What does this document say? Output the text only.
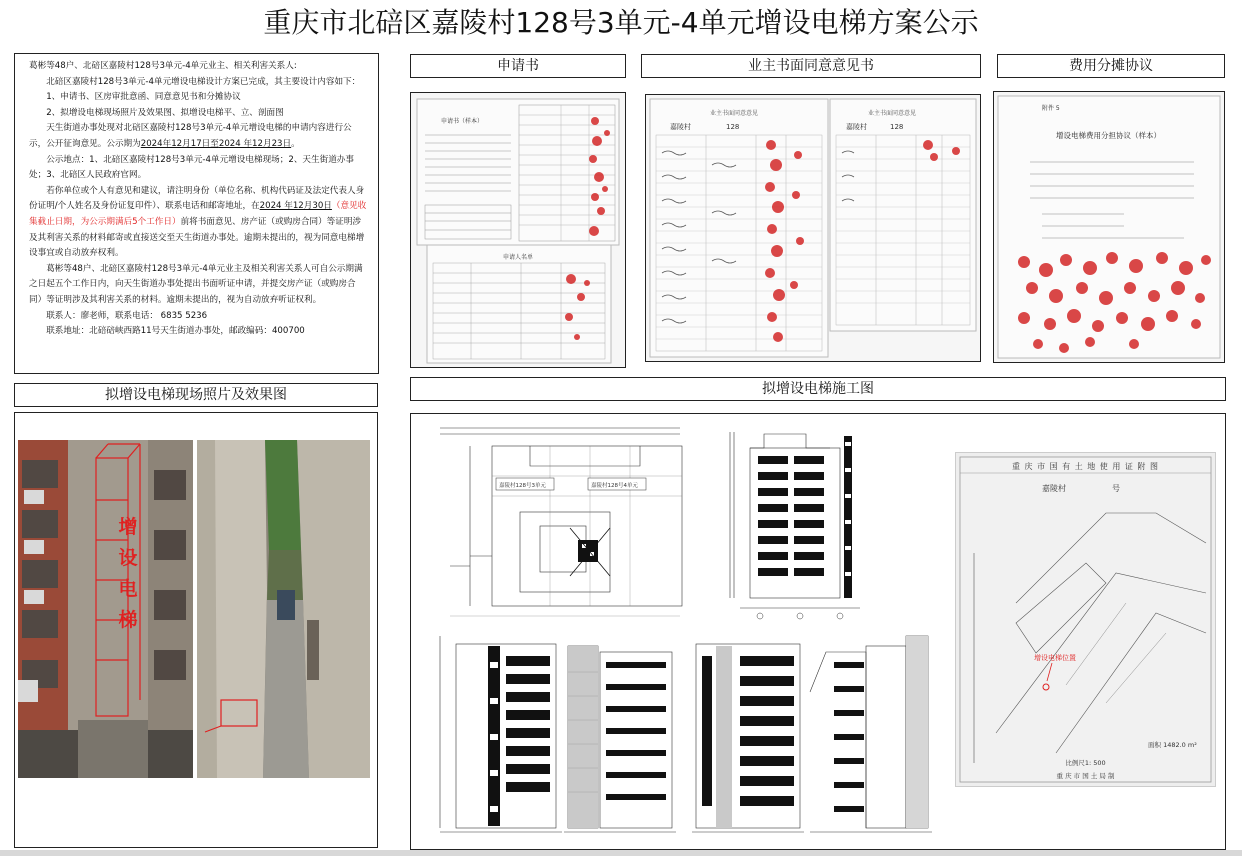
重庆市北碚区嘉陵村128号3单元-4单元增设电梯方案公示

葛彬等48户、北碚区嘉陵村128号3单元-4单元业主、相关利害关系人:

北碚区嘉陵村128号3单元-4单元增设电梯设计方案已完成，其主要设计内容如下：

1、申请书、区房审批意函、同意意见书和分摊协议

2、拟增设电梯现场照片及效果图、拟增设电梯平、立、剖面图

天生街道办事处现对北碚区嘉陵村128号3单元-4单元增设电梯的申请内容进行公示，公开征询意见。公示期为2024年12月17日至2024 年12月23日。

公示地点：1、北碚区嘉陵村128号3单元-4单元增设电梯现场；2、天生街道办事处；3、北碚区人民政府官网。

若你单位或个人有意见和建议，请注明身份（单位名称、机构代码证及法定代表人身份证明/个人姓名及身份证复印件）、联系电话和邮寄地址，在2024 年12月30日（意见收集截止日期，为公示期满后5个工作日）前将书面意见、房产证（或购房合同）等证明涉及其利害关系的材料邮寄或直接送交至天生街道办事处。逾期未提出的，视为同意电梯增设事宜或自动放弃权利。

葛彬等48户、北碚区嘉陵村128号3单元-4单元业主及相关利害关系人可自公示期满之日起五个工作日内，向天生街道办事处提出书面听证申请，并提交房产证（或购房合同）等证明涉及其利害关系的材料。逾期未提出的，视为自动放弃听证权利。

联系人：廖老师，联系电话： 6835 5236

联系地址：北碚碚峡西路11号天生街道办事处，邮政编码：400700

申请书	业主书面同意意见书	费用分摊协议
申请书（样本）
申请人名单
业主书面同意意见	业主书面同意意见
嘉陵村	128	嘉陵村	128
附件 5
增设电梯费用分担协议（样本）
拟增设电梯现场照片及效果图
增设电梯
拟增设电梯施工图
嘉陵村128号3单元	嘉陵村128号4单元
重 庆 市 国 有 土 地 使 用 证 附 图
嘉陵村	号
增设电梯位置
面积 1482.0 m²
比例尺1: 500
重 庆 市 国 土 局 制
